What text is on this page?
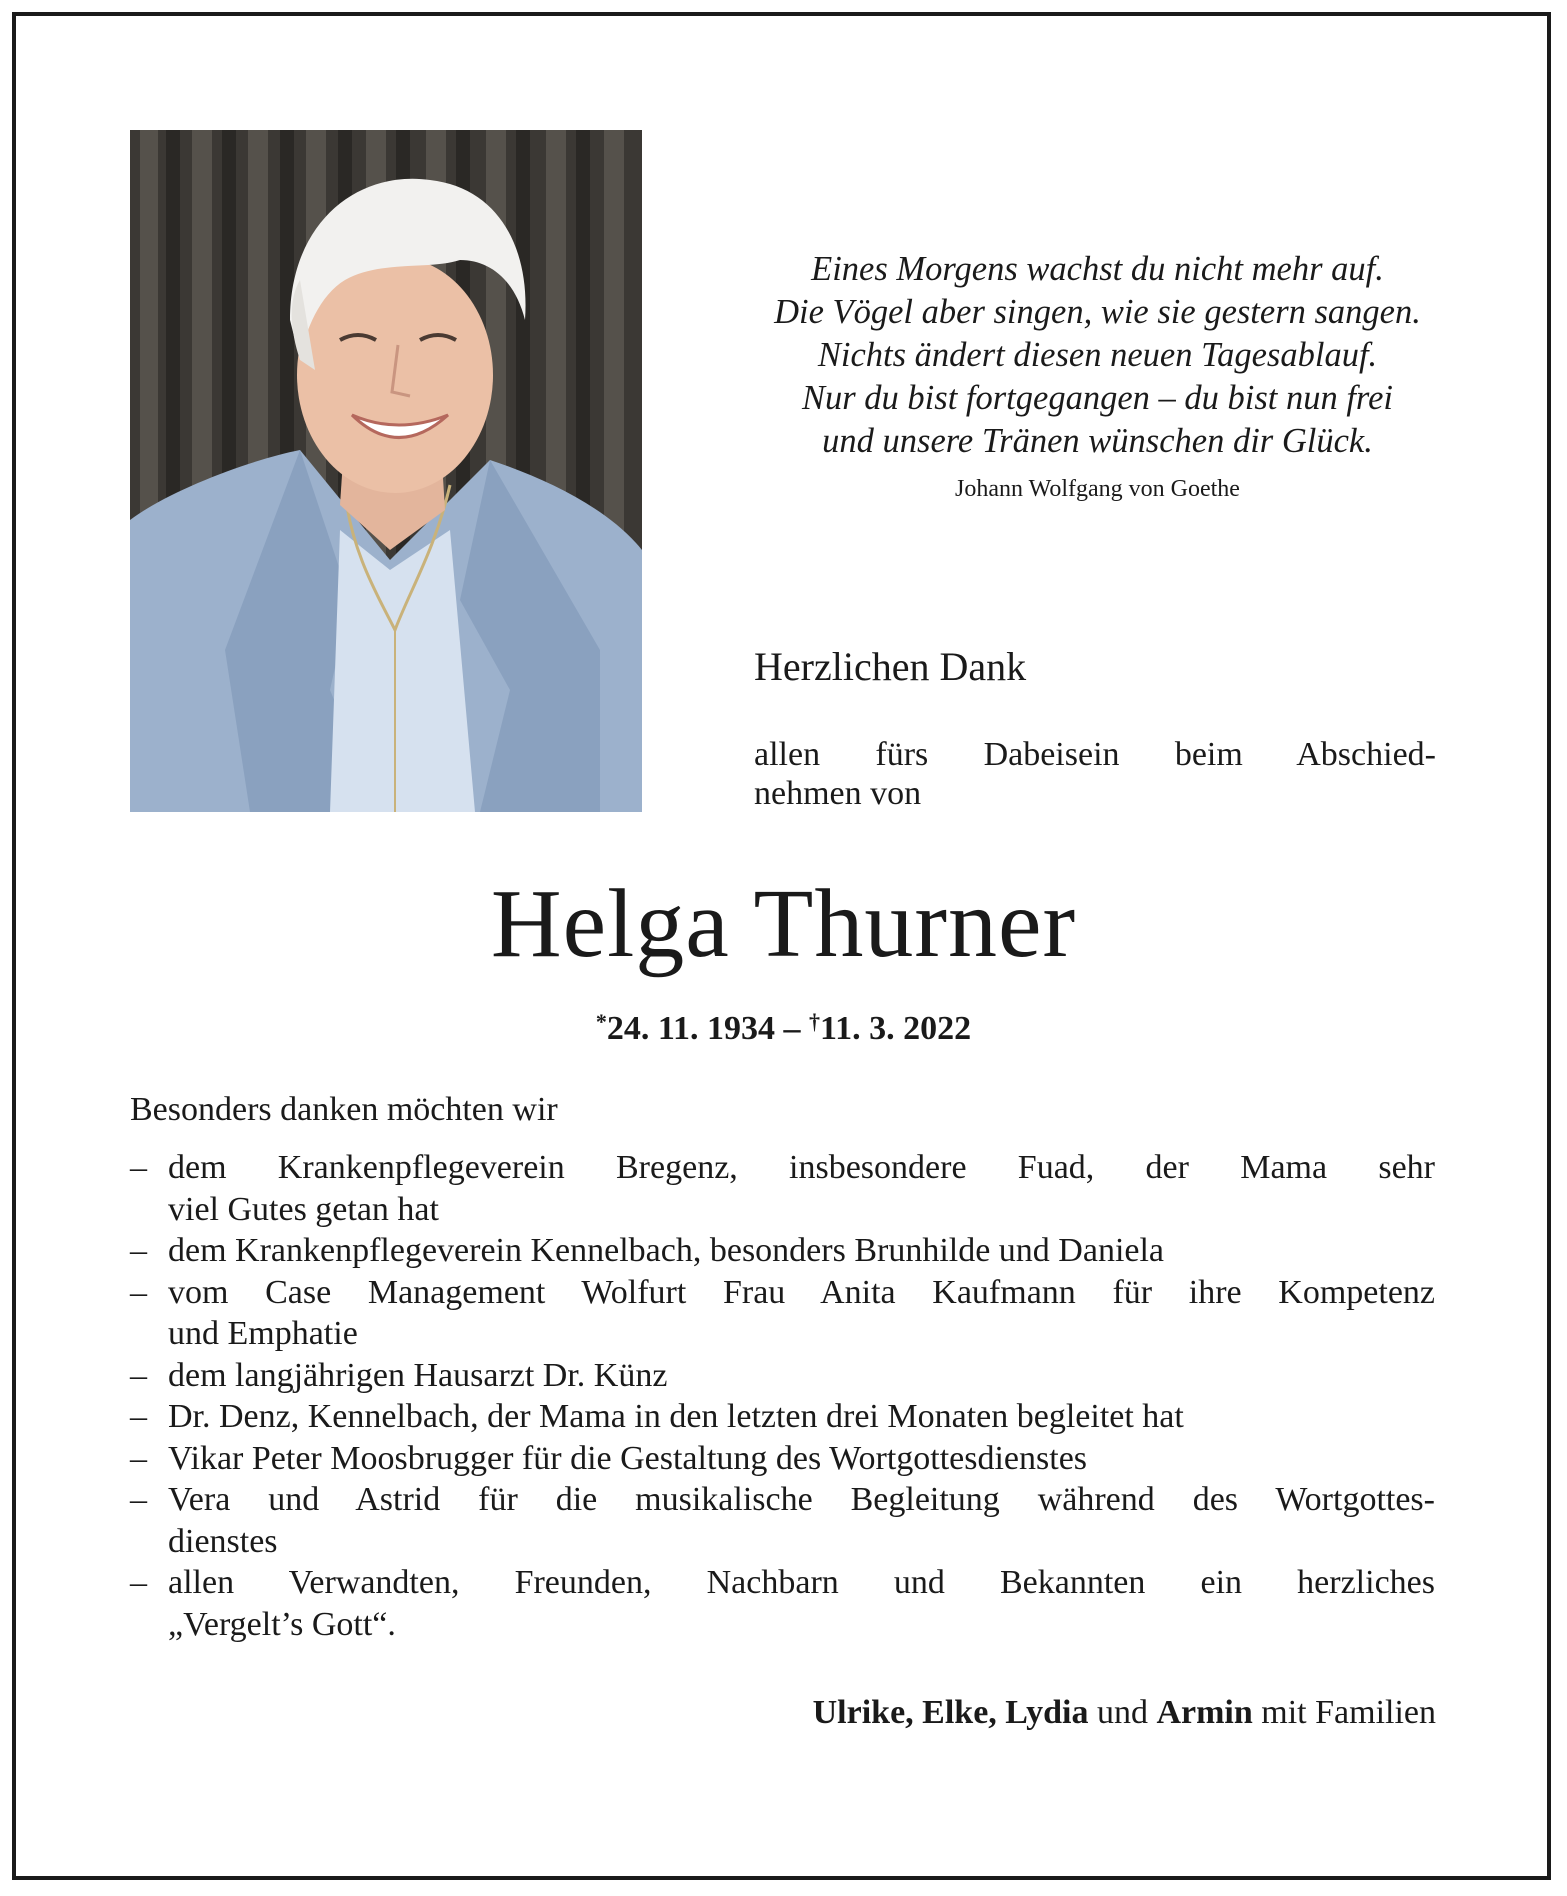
Eines Morgens wachst du nicht mehr auf.
Die Vögel aber singen, wie sie gestern sangen.
Nichts ändert diesen neuen Tagesablauf.
Nur du bist fortgegangen – du bist nun frei
und unsere Tränen wünschen dir Glück.
Johann Wolfgang von Goethe
Herzlichen Dank
allen fürs Dabeisein beim Abschied-
nehmen von
Helga Thurner
*24. 11. 1934 – †11. 3. 2022
Besonders danken möchten wir
– dem Krankenpflegeverein Bregenz, insbesondere Fuad, der Mama sehr
viel Gutes getan hat
– dem Krankenpflegeverein Kennelbach, besonders Brunhilde und Daniela
– vom Case Management Wolfurt Frau Anita Kaufmann für ihre Kompetenz
und Emphatie
– dem langjährigen Hausarzt Dr. Künz
– Dr. Denz, Kennelbach, der Mama in den letzten drei Monaten begleitet hat
– Vikar Peter Moosbrugger für die Gestaltung des Wortgottesdienstes
– Vera und Astrid für die musikalische Begleitung während des Wortgottes-
dienstes
– allen Verwandten, Freunden, Nachbarn und Bekannten ein herzliches
„Vergelt’s Gott“.
Ulrike, Elke, Lydia und Armin mit Familien
